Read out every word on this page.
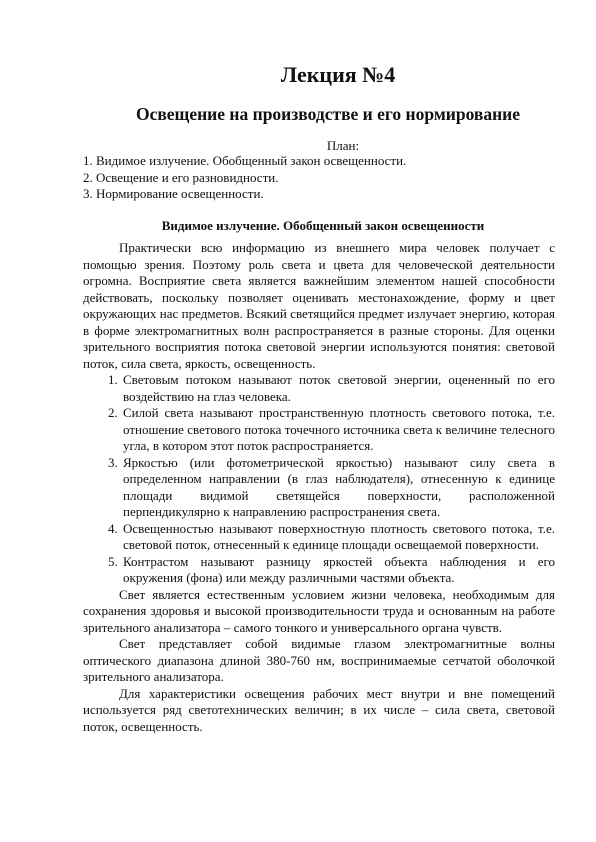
Лекция №4
Освещение на производстве и его нормирование
План:
1. Видимое излучение. Обобщенный закон освещенности.
2. Освещение и его разновидности.
3. Нормирование освещенности.
Видимое излучение. Обобщенный закон освещенности

Практически всю информацию из внешнего мира человек получает с помощью зрения. Поэтому роль света и цвета для человеческой деятельности огромна. Восприятие света является важнейшим элементом нашей способности действовать, поскольку позволяет оценивать местонахождение, форму и цвет окружающих нас предметов. Всякий светящийся предмет излучает энергию, которая в форме электромагнитных волн распространяется в разные стороны. Для оценки зрительного восприятия потока световой энергии используются понятия: световой поток, сила света, яркость, освещенность.

1. Световым потоком называют поток световой энергии, оцененный по его воздействию на глаз человека.
2. Силой света называют пространственную плотность светового потока, т.е. отношение светового потока точечного источника света к величине телесного угла, в котором этот поток распространяется.
3. Яркостью (или фотометрической яркостью) называют силу света в определенном направлении (в глаз наблюдателя), отнесенную к единице площади видимой светящейся поверхности, расположенной перпендикулярно к направлению распространения света.
4. Освещенностью называют поверхностную плотность светового потока, т.е. световой поток, отнесенный к единице площади освещаемой поверхности.
5. Контрастом называют разницу яркостей объекта наблюдения и его окружения (фона) или между различными частями объекта.

Свет является естественным условием жизни человека, необходимым для сохранения здоровья и высокой производительности труда и основанным на работе зрительного анализатора – самого тонкого и универсального органа чувств.

Свет представляет собой видимые глазом электромагнитные волны оптического диапазона длиной 380-760 нм, воспринимаемые сетчатой оболочкой зрительного анализатора.

Для характеристики освещения рабочих мест внутри и вне помещений используется ряд светотехнических величин; в их числе – сила света, световой поток, освещенность.
